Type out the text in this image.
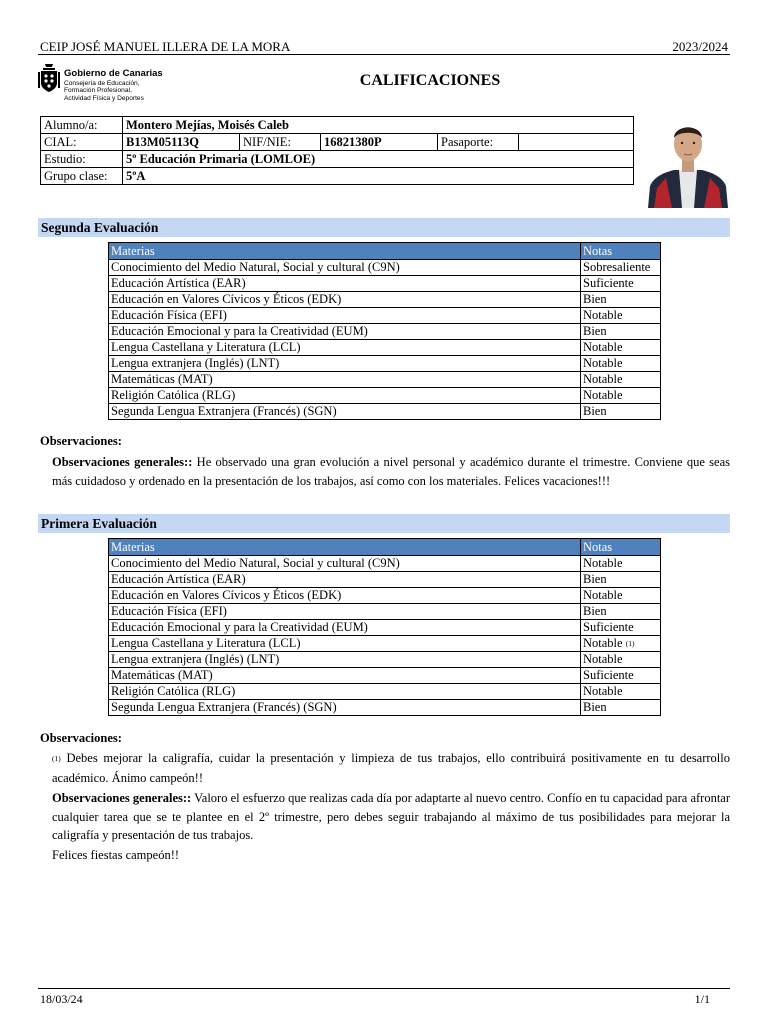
CEIP JOSÉ MANUEL ILLERA DE LA MORA	2023/2024
Gobierno de Canarias
Consejería de Educación,
Formación Profesional,
Actividad Física y Deportes
CALIFICACIONES
Alumno/a:	Montero Mejías, Moisés Caleb				
CIAL:	B13M05113Q	NIF/NIE:	16821380P	Pasaporte:	
Estudio:	5º Educación Primaria (LOMLOE)				
Grupo clase:	5ºA				
Segunda Evaluación
Materias	Notas
Conocimiento del Medio Natural, Social y cultural (C9N)	Sobresaliente
Educación Artística (EAR)	Suficiente
Educación en Valores Cívicos y Éticos (EDK)	Bien
Educación Física (EFI)	Notable
Educación Emocional y para la Creatividad (EUM)	Bien
Lengua Castellana y Literatura (LCL)	Notable
Lengua extranjera (Inglés) (LNT)	Notable
Matemáticas (MAT)	Notable
Religión Católica (RLG)	Notable
Segunda Lengua Extranjera (Francés) (SGN)	Bien
Observaciones:
Observaciones generales:: He observado una gran evolución a nivel personal y académico durante el trimestre. Conviene que seas más cuidadoso y ordenado en la presentación de los trabajos, así como con los materiales. Felices vacaciones!!!
Primera Evaluación
Materias	Notas
Conocimiento del Medio Natural, Social y cultural (C9N)	Notable
Educación Artística (EAR)	Bien
Educación en Valores Cívicos y Éticos (EDK)	Notable
Educación Física (EFI)	Bien
Educación Emocional y para la Creatividad (EUM)	Suficiente
Lengua Castellana y Literatura (LCL)	Notable (1)
Lengua extranjera (Inglés) (LNT)	Notable
Matemáticas (MAT)	Suficiente
Religión Católica (RLG)	Notable
Segunda Lengua Extranjera (Francés) (SGN)	Bien
Observaciones:
(1) Debes mejorar la caligrafía, cuidar la presentación y limpieza de tus trabajos, ello contribuirá positivamente en tu desarrollo académico. Ánimo campeón!!
Observaciones generales:: Valoro el esfuerzo que realizas cada día por adaptarte al nuevo centro. Confío en tu capacidad para afrontar cualquier tarea que se te plantee en el 2º trimestre, pero debes seguir trabajando al máximo de tus posibilidades para mejorar la caligrafía y presentación de tus trabajos.
Felices fiestas campeón!!
18/03/24	1/1
